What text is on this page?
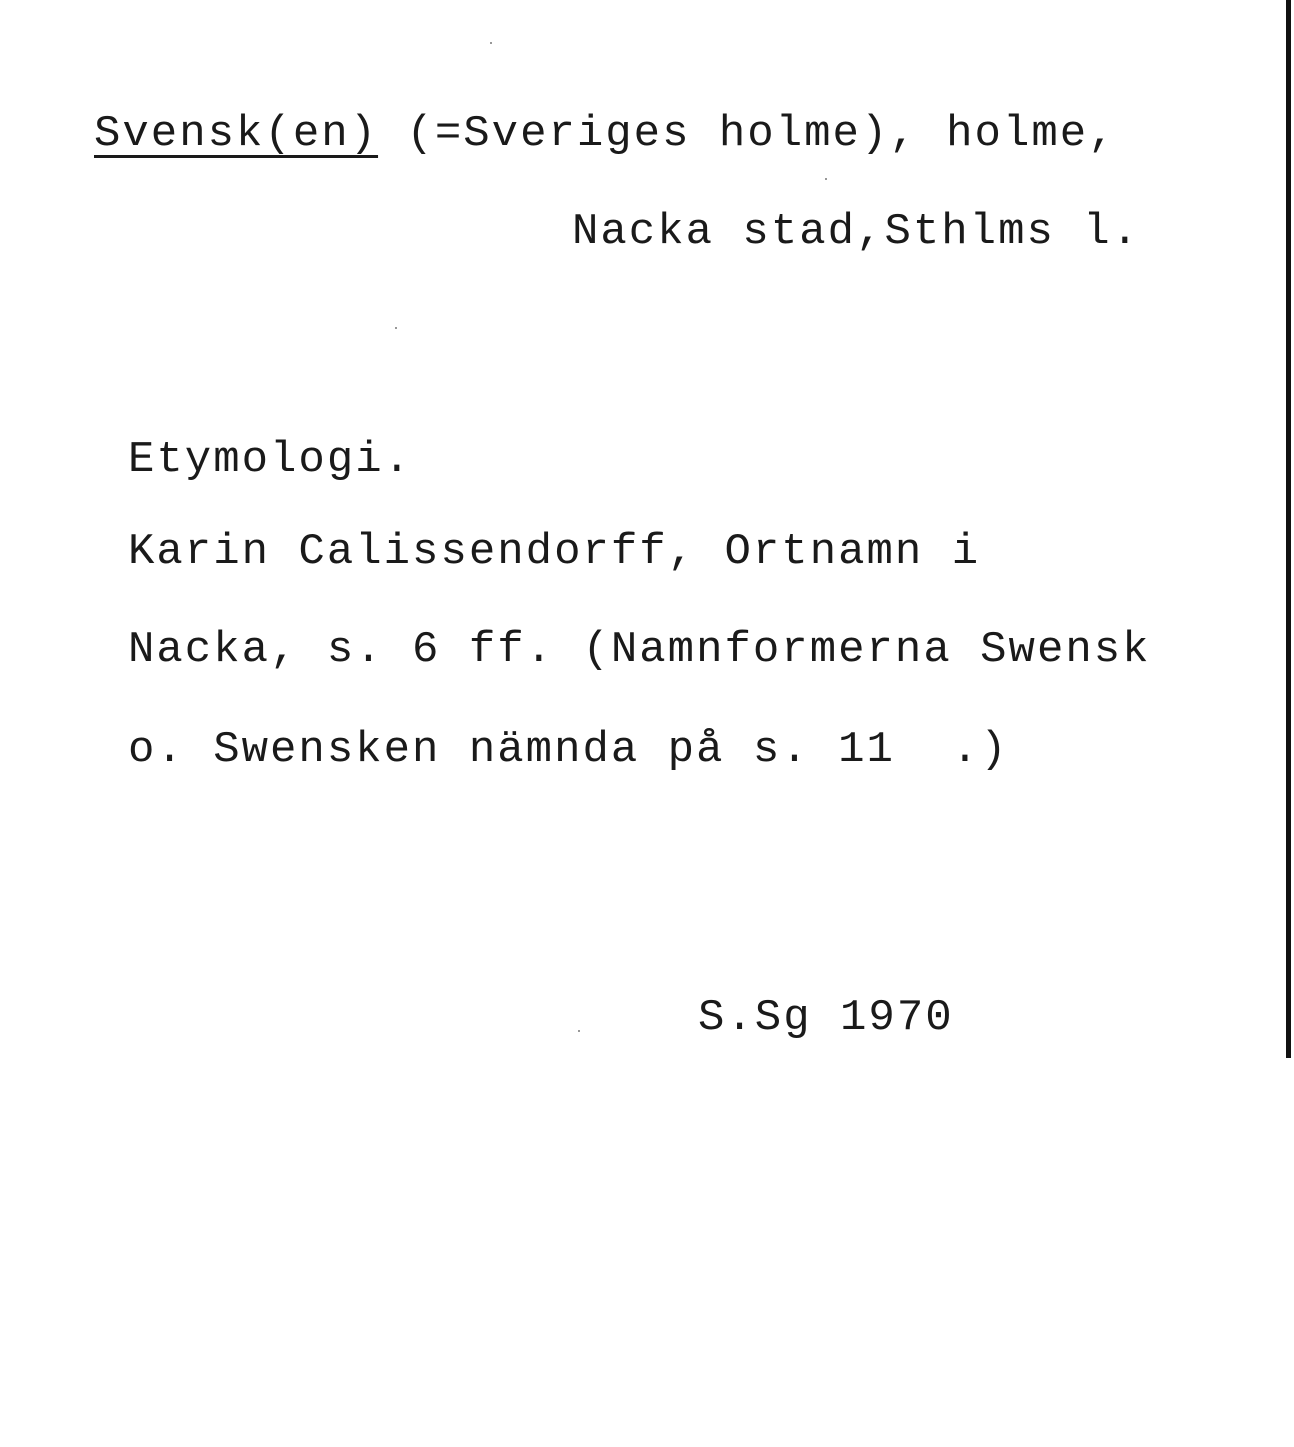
Svensk(en) (=Sveriges holme), holme,
Nacka stad,Sthlms l.
Etymologi.
Karin Calissendorff, Ortnamn i
Nacka, s. 6 ff. (Namnformerna Swensk
o. Swensken nämnda på s. 11  .)
S.Sg 1970
